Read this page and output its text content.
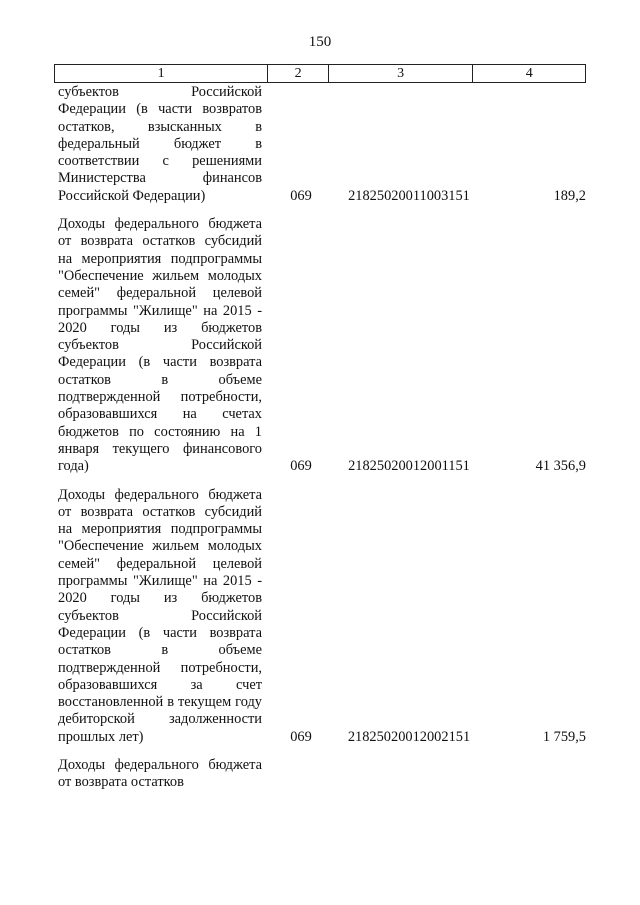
150
1	2	3	4
субъектов Российской Федерации (в части возвратов остатков, взысканных в федеральный бюджет в соответствии с решениями Министерства финансов Российской Федерации)	069	21825020011003151	189,2
Доходы федерального бюджета от возврата остатков субсидий на мероприятия подпрограммы "Обеспечение жильем молодых семей" федеральной целевой программы "Жилище" на 2015 - 2020 годы из бюджетов субъектов Российской Федерации (в части возврата остатков в объеме подтвержденной потребности, образовавшихся на счетах бюджетов по состоянию на 1 января текущего финансового года)	069	21825020012001151	41 356,9
Доходы федерального бюджета от возврата остатков субсидий на мероприятия подпрограммы "Обеспечение жильем молодых семей" федеральной целевой программы "Жилище" на 2015 - 2020 годы из бюджетов субъектов Российской Федерации (в части возврата остатков в объеме подтвержденной потребности, образовавшихся за счет восстановленной в текущем году дебиторской задолженности прошлых лет)	069	21825020012002151	1 759,5
Доходы федерального бюджета от возврата остатков
